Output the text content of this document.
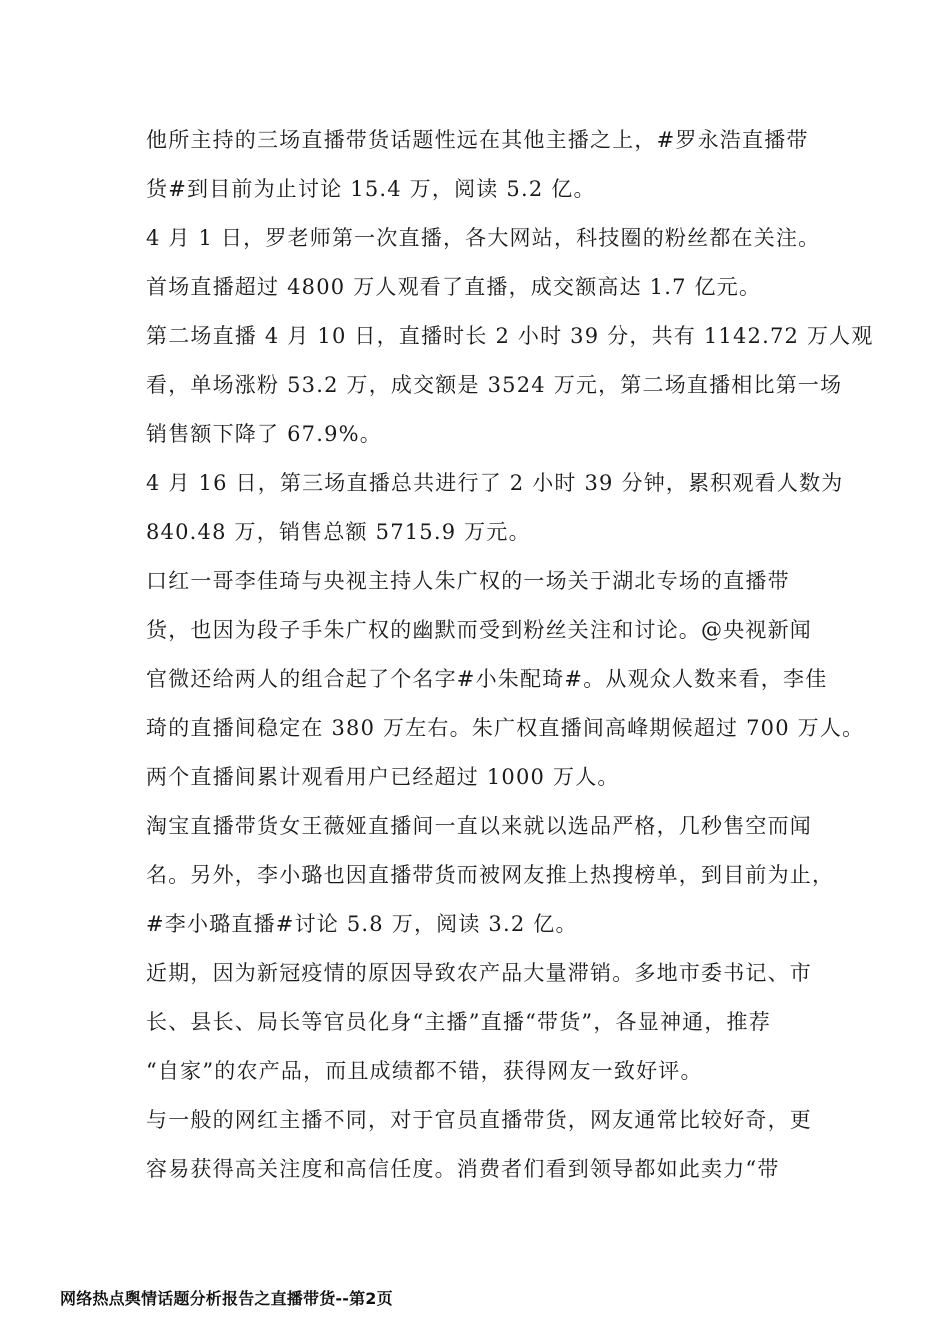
他所主持的三场直播带货话题性远在其他主播之上，#罗永浩直播带
货#到目前为止讨论 15.4 万，阅读 5.2 亿。

4 月 1 日，罗老师第一次直播，各大网站，科技圈的粉丝都在关注。
首场直播超过 4800 万人观看了直播，成交额高达 1.7 亿元。

第二场直播 4 月 10 日，直播时长 2 小时 39 分，共有 1142.72 万人观
看，单场涨粉 53.2 万，成交额是 3524 万元，第二场直播相比第一场
销售额下降了 67.9%。

4 月 16 日，第三场直播总共进行了 2 小时 39 分钟，累积观看人数为
840.48 万，销售总额 5715.9 万元。

口红一哥李佳琦与央视主持人朱广权的一场关于湖北专场的直播带
货，也因为段子手朱广权的幽默而受到粉丝关注和讨论。@央视新闻
官微还给两人的组合起了个名字#小朱配琦#。从观众人数来看，李佳
琦的直播间稳定在 380 万左右。朱广权直播间高峰期候超过 700 万人。
两个直播间累计观看用户已经超过 1000 万人。

淘宝直播带货女王薇娅直播间一直以来就以选品严格，几秒售空而闻
名。另外，李小璐也因直播带货而被网友推上热搜榜单，到目前为止，
#李小璐直播#讨论 5.8 万，阅读 3.2 亿。

近期，因为新冠疫情的原因导致农产品大量滞销。多地市委书记、市
长、县长、局长等官员化身“主播”直播“带货”，各显神通，推荐
“自家”的农产品，而且成绩都不错，获得网友一致好评。

与一般的网红主播不同，对于官员直播带货，网友通常比较好奇，更
容易获得高关注度和高信任度。消费者们看到领导都如此卖力“带

网络热点舆情话题分析报告之直播带货--第2页
